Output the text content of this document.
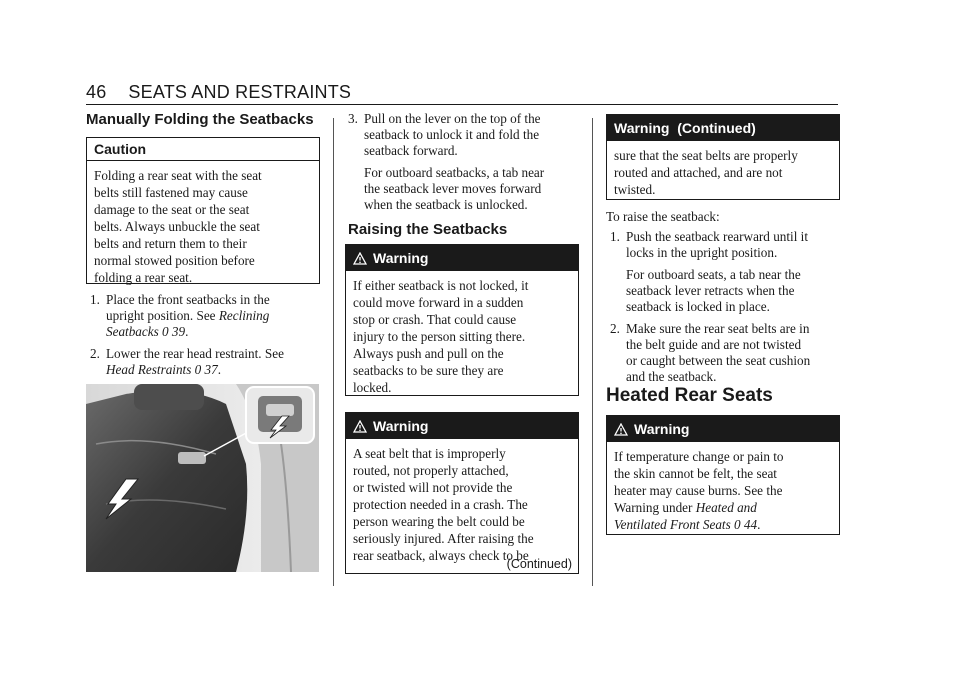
46 SEATS AND RESTRAINTS
Manually Folding the Seatbacks
Caution
Folding a rear seat with the seat
belts still fastened may cause
damage to the seat or the seat
belts. Always unbuckle the seat
belts and return them to their
normal stowed position before
folding a rear seat.
1. Place the front seatbacks in the
upright position. See Reclining
Seatbacks 0 39.
2. Lower the rear head restraint. See
Head Restraints 0 37.
3. Pull on the lever on the top of the
seatback to unlock it and fold the
seatback forward.
For outboard seatbacks, a tab near
the seatback lever moves forward
when the seatback is unlocked.
Raising the Seatbacks
Warning
If either seatback is not locked, it
could move forward in a sudden
stop or crash. That could cause
injury to the person sitting there.
Always push and pull on the
seatbacks to be sure they are
locked.
Warning
A seat belt that is improperly
routed, not properly attached,
or twisted will not provide the
protection needed in a crash. The
person wearing the belt could be
seriously injured. After raising the
rear seatback, always check to be
(Continued)
Warning  (Continued)
sure that the seat belts are properly
routed and attached, and are not
twisted.
To raise the seatback:
1. Push the seatback rearward until it
locks in the upright position.
For outboard seats, a tab near the
seatback lever retracts when the
seatback is locked in place.
2. Make sure the rear seat belts are in
the belt guide and are not twisted
or caught between the seat cushion
and the seatback.
Heated Rear Seats
Warning
If temperature change or pain to
the skin cannot be felt, the seat
heater may cause burns. See the
Warning under Heated and
Ventilated Front Seats 0 44.
